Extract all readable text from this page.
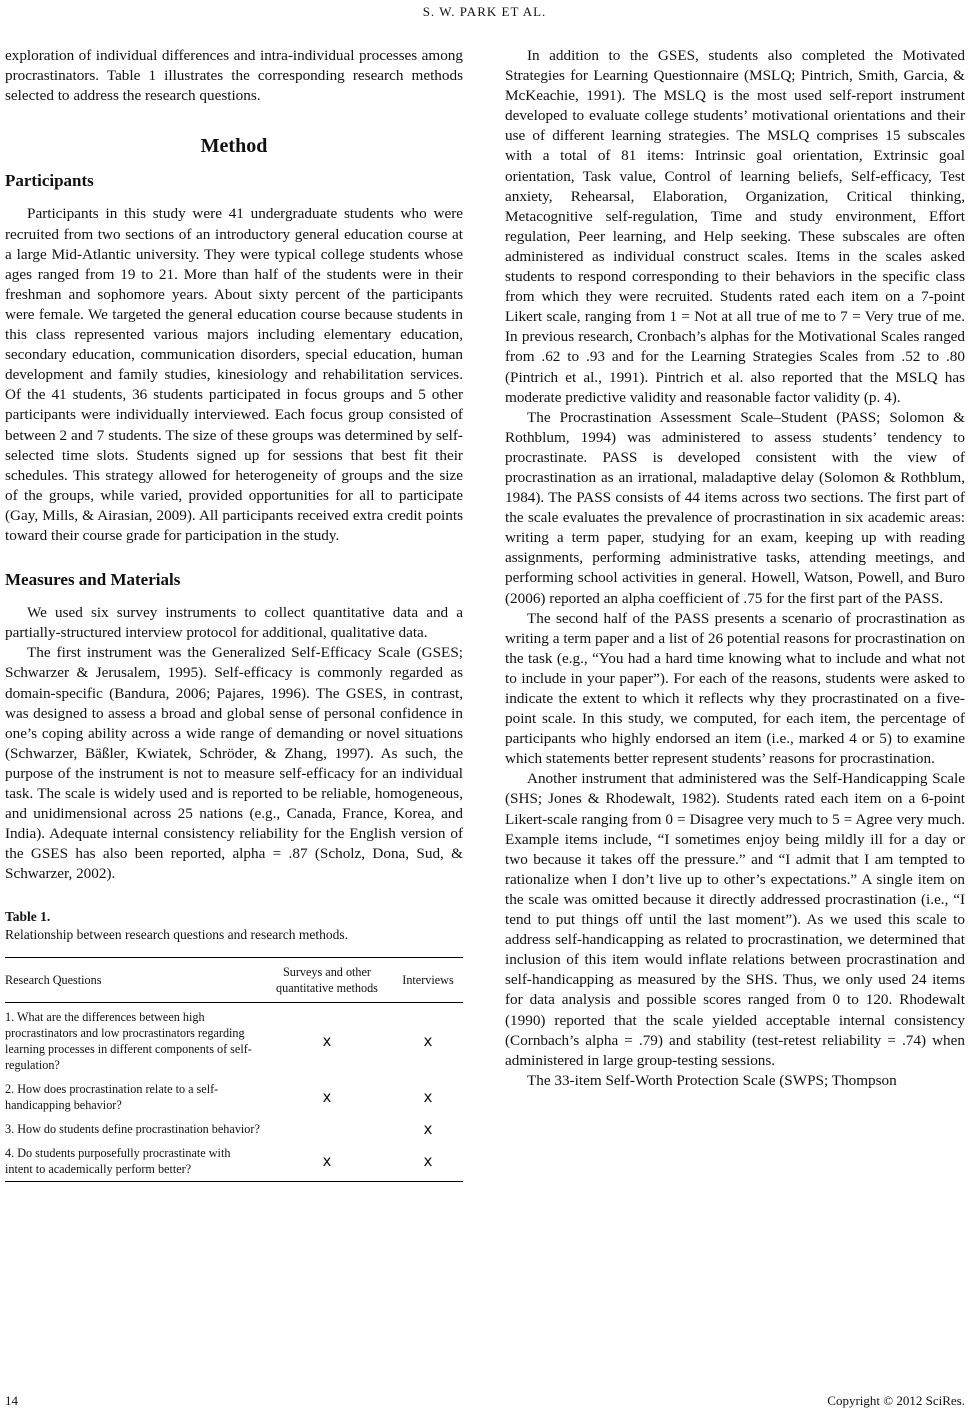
S. W. PARK ET AL.

exploration of individual differences and intra-individual processes among procrastinators. Table 1 illustrates the corresponding research methods selected to address the research questions.

Method
Participants

Participants in this study were 41 undergraduate students who were recruited from two sections of an introductory general education course at a large Mid-Atlantic university. They were typical college students whose ages ranged from 19 to 21. More than half of the students were in their freshman and sophomore years. About sixty percent of the participants were female. We targeted the general education course because students in this class represented various majors including elementary education, secondary education, communication disorders, special education, human development and family studies, kinesiology and rehabilitation services. Of the 41 students, 36 students participated in focus groups and 5 other participants were individually interviewed. Each focus group consisted of between 2 and 7 students. The size of these groups was determined by self-selected time slots. Students signed up for sessions that best fit their schedules. This strategy allowed for heterogeneity of groups and the size of the groups, while varied, provided opportunities for all to participate (Gay, Mills, & Airasian, 2009). All participants received extra credit points toward their course grade for participation in the study.

Measures and Materials

We used six survey instruments to collect quantitative data and a partially-structured interview protocol for additional, qualitative data.

The first instrument was the Generalized Self-Efficacy Scale (GSES; Schwarzer & Jerusalem, 1995). Self-efficacy is commonly regarded as domain-specific (Bandura, 2006; Pajares, 1996). The GSES, in contrast, was designed to assess a broad and global sense of personal confidence in one’s coping ability across a wide range of demanding or novel situations (Schwarzer, Bäßler, Kwiatek, Schröder, & Zhang, 1997). As such, the purpose of the instrument is not to measure self-efficacy for an individual task. The scale is widely used and is reported to be reliable, homogeneous, and unidimensional across 25 nations (e.g., Canada, France, Korea, and India). Adequate internal consistency reliability for the English version of the GSES has also been reported, alpha = .87 (Scholz, Dona, Sud, & Schwarzer, 2002).

Table 1.
Relationship between research questions and research methods.
Research Questions	Surveys and other quantitative methods	Interviews
1. What are the differences between high procrastinators and low procrastinators regarding learning processes in different components of self-regulation?	x	x
2. How does procrastination relate to a self-handicapping behavior?	x	x
3. How do students define procrastination behavior?		x
4. Do students purposefully procrastinate with intent to academically perform better?	x	x

In addition to the GSES, students also completed the Motivated Strategies for Learning Questionnaire (MSLQ; Pintrich, Smith, Garcia, & McKeachie, 1991). The MSLQ is the most used self-report instrument developed to evaluate college students’ motivational orientations and their use of different learning strategies. The MSLQ comprises 15 subscales with a total of 81 items: Intrinsic goal orientation, Extrinsic goal orientation, Task value, Control of learning beliefs, Self-efficacy, Test anxiety, Rehearsal, Elaboration, Organization, Critical thinking, Metacognitive self-regulation, Time and study environment, Effort regulation, Peer learning, and Help seeking. These subscales are often administered as individual construct scales. Items in the scales asked students to respond corresponding to their behaviors in the specific class from which they were recruited. Students rated each item on a 7-point Likert scale, ranging from 1 = Not at all true of me to 7 = Very true of me. In previous research, Cronbach’s alphas for the Motivational Scales ranged from .62 to .93 and for the Learning Strategies Scales from .52 to .80 (Pintrich et al., 1991). Pintrich et al. also reported that the MSLQ has moderate predictive validity and reasonable factor validity (p. 4).

The Procrastination Assessment Scale–Student (PASS; Solomon & Rothblum, 1994) was administered to assess students’ tendency to procrastinate. PASS is developed consistent with the view of procrastination as an irrational, maladaptive delay (Solomon & Rothblum, 1984). The PASS consists of 44 items across two sections. The first part of the scale evaluates the prevalence of procrastination in six academic areas: writing a term paper, studying for an exam, keeping up with reading assignments, performing administrative tasks, attending meetings, and performing school activities in general. Howell, Watson, Powell, and Buro (2006) reported an alpha coefficient of .75 for the first part of the PASS.

The second half of the PASS presents a scenario of procrastination as writing a term paper and a list of 26 potential reasons for procrastination on the task (e.g., “You had a hard time knowing what to include and what not to include in your paper”). For each of the reasons, students were asked to indicate the extent to which it reflects why they procrastinated on a five-point scale. In this study, we computed, for each item, the percentage of participants who highly endorsed an item (i.e., marked 4 or 5) to examine which statements better represent students’ reasons for procrastination.

Another instrument that administered was the Self-Handicapping Scale (SHS; Jones & Rhodewalt, 1982). Students rated each item on a 6-point Likert-scale ranging from 0 = Disagree very much to 5 = Agree very much. Example items include, “I sometimes enjoy being mildly ill for a day or two because it takes off the pressure.” and “I admit that I am tempted to rationalize when I don’t live up to other’s expectations.” A single item on the scale was omitted because it directly addressed procrastination (i.e., “I tend to put things off until the last moment”). As we used this scale to address self-handicapping as related to procrastination, we determined that inclusion of this item would inflate relations between procrastination and self-handicapping as measured by the SHS. Thus, we only used 24 items for data analysis and possible scores ranged from 0 to 120. Rhodewalt (1990) reported that the scale yielded acceptable internal consistency (Cornbach’s alpha = .79) and stability (test-retest reliability = .74) when administered in large group-testing sessions.

The 33-item Self-Worth Protection Scale (SWPS; Thompson

14	Copyright © 2012 SciRes.
